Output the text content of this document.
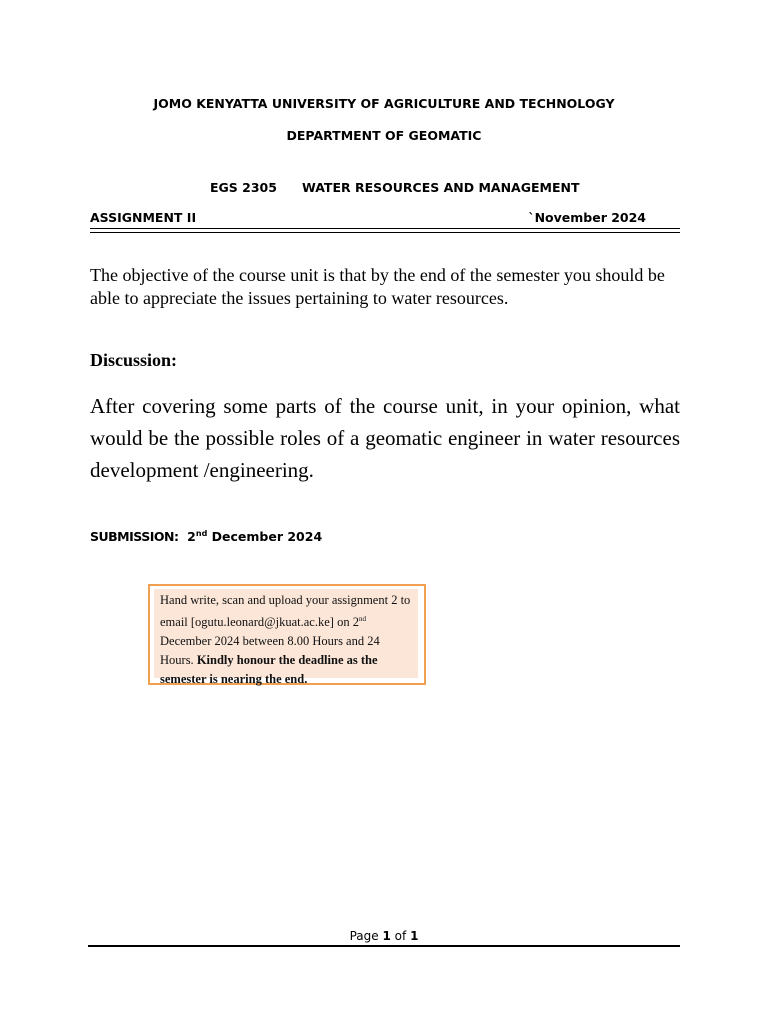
JOMO KENYATTA UNIVERSITY OF AGRICULTURE AND TECHNOLOGY
DEPARTMENT OF GEOMATIC
EGS 2305 WATER RESOURCES AND MANAGEMENT
ASSIGNMENT II	`November 2024
The objective of the course unit is that by the end of the semester you should be able to appreciate the issues pertaining to water resources.
Discussion:
After covering some parts of the course unit, in your opinion, what would be the possible roles of a geomatic engineer in water resources development /engineering.
SUBMISSION: 2nd December 2024
Hand write, scan and upload your assignment 2 to email [ogutu.leonard@jkuat.ac.ke] on 2nd December 2024 between 8.00 Hours and 24 Hours. Kindly honour the deadline as the semester is nearing the end.
Page 1 of 1
